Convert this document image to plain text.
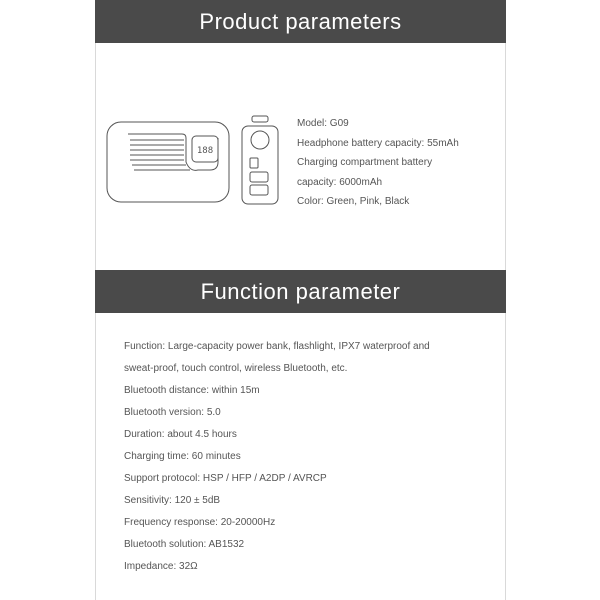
Product parameters
188
Model: G09
Headphone battery capacity: 55mAh
Charging compartment battery
capacity: 6000mAh
Color: Green, Pink, Black
Function parameter
Function: Large-capacity power bank, flashlight, IPX7 waterproof and
sweat-proof, touch control, wireless Bluetooth, etc.
Bluetooth distance: within 15m
Bluetooth version: 5.0
Duration: about 4.5 hours
Charging time: 60 minutes
Support protocol: HSP / HFP / A2DP / AVRCP
Sensitivity: 120 ± 5dB
Frequency response: 20-20000Hz
Bluetooth solution: AB1532
Impedance: 32Ω
